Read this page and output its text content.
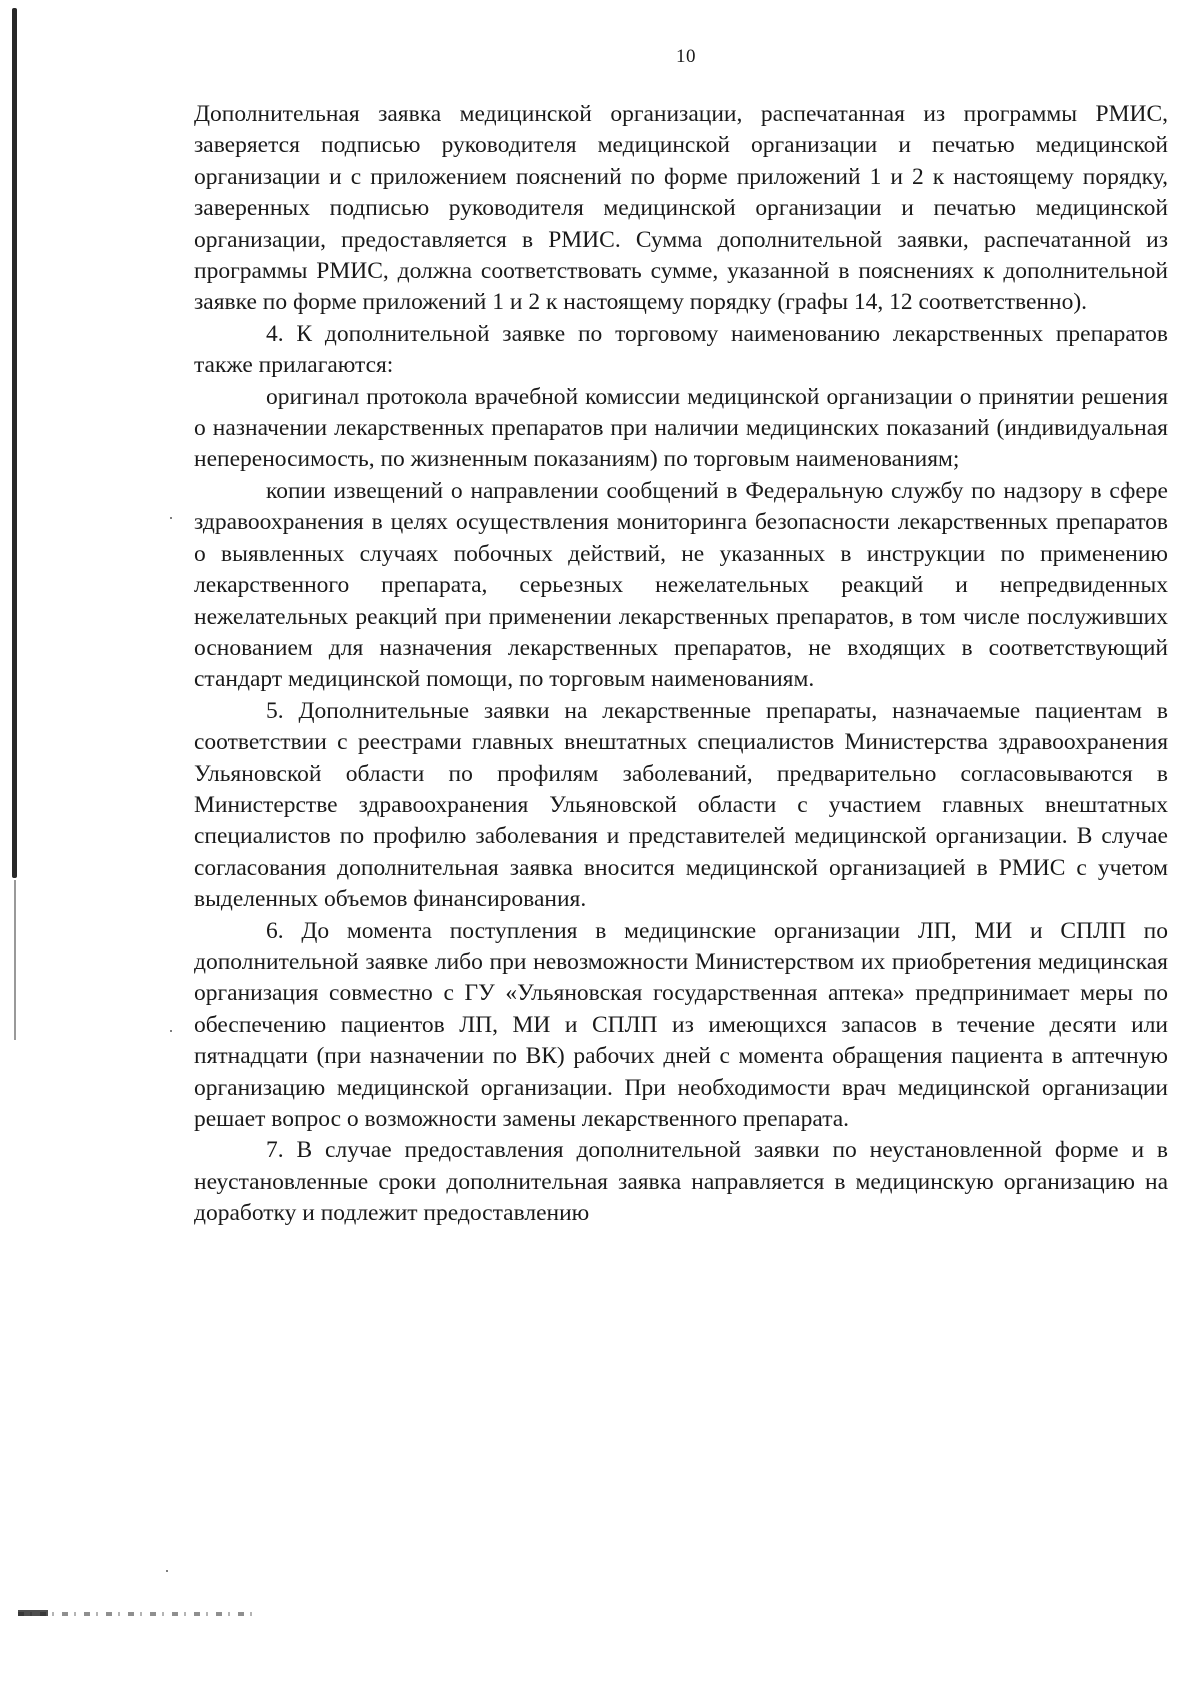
10

Дополнительная заявка медицинской организации, распечатанная из программы РМИС, заверяется подписью руководителя медицинской организации и печатью медицинской организации и с приложением пояснений по форме приложений 1 и 2 к настоящему порядку, заверенных подписью руководителя медицинской организации и печатью медицинской организации, предоставляется в РМИС. Сумма дополнительной заявки, распечатанной из программы РМИС, должна соответствовать сумме, указанной в пояснениях к дополнительной заявке по форме приложений 1 и 2 к настоящему порядку (графы 14, 12 соответственно).

4. К дополнительной заявке по торговому наименованию лекарственных препаратов также прилагаются:

оригинал протокола врачебной комиссии медицинской организации о принятии решения о назначении лекарственных препаратов при наличии медицинских показаний (индивидуальная непереносимость, по жизненным показаниям) по торговым наименованиям;

копии извещений о направлении сообщений в Федеральную службу по надзору в сфере здравоохранения в целях осуществления мониторинга безопасности лекарственных препаратов о выявленных случаях побочных действий, не указанных в инструкции по применению лекарственного препарата, серьезных нежелательных реакций и непредвиденных нежелательных реакций при применении лекарственных препаратов, в том числе послуживших основанием для назначения лекарственных препаратов, не входящих в соответствующий стандарт медицинской помощи, по торговым наименованиям.

5. Дополнительные заявки на лекарственные препараты, назначаемые пациентам в соответствии с реестрами главных внештатных специалистов Министерства здравоохранения Ульяновской области по профилям заболеваний, предварительно согласовываются в Министерстве здравоохранения Ульяновской области с участием главных внештатных специалистов по профилю заболевания и представителей медицинской организации. В случае согласования дополнительная заявка вносится медицинской организацией в РМИС с учетом выделенных объемов финансирования.

6. До момента поступления в медицинские организации ЛП, МИ и СПЛП по дополнительной заявке либо при невозможности Министерством их приобретения медицинская организация совместно с ГУ «Ульяновская государственная аптека» предпринимает меры по обеспечению пациентов ЛП, МИ и СПЛП из имеющихся запасов в течение десяти или пятнадцати (при назначении по ВК) рабочих дней с момента обращения пациента в аптечную организацию медицинской организации. При необходимости врач медицинской организации решает вопрос о возможности замены лекарственного препарата.

7. В случае предоставления дополнительной заявки по неустановленной форме и в неустановленные сроки дополнительная заявка направляется в медицинскую организацию на доработку и подлежит предоставлению
